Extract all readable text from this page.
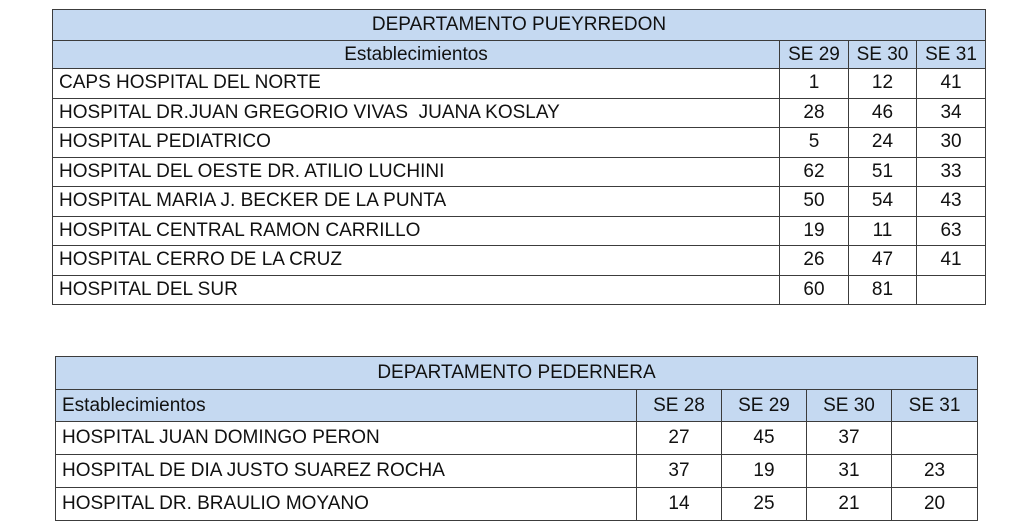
DEPARTAMENTO PUEYRREDON			
Establecimientos	SE 29	SE 30	SE 31
CAPS HOSPITAL DEL NORTE	1	12	41
HOSPITAL DR.JUAN GREGORIO VIVAS  JUANA KOSLAY	28	46	34
HOSPITAL PEDIATRICO	5	24	30
HOSPITAL DEL OESTE DR. ATILIO LUCHINI	62	51	33
HOSPITAL MARIA J. BECKER DE LA PUNTA	50	54	43
HOSPITAL CENTRAL RAMON CARRILLO	19	11	63
HOSPITAL CERRO DE LA CRUZ	26	47	41
HOSPITAL DEL SUR	60	81	
DEPARTAMENTO PEDERNERA				
Establecimientos	SE 28	SE 29	SE 30	SE 31
HOSPITAL JUAN DOMINGO PERON	27	45	37	
HOSPITAL DE DIA JUSTO SUAREZ ROCHA	37	19	31	23
HOSPITAL DR. BRAULIO MOYANO	14	25	21	20
